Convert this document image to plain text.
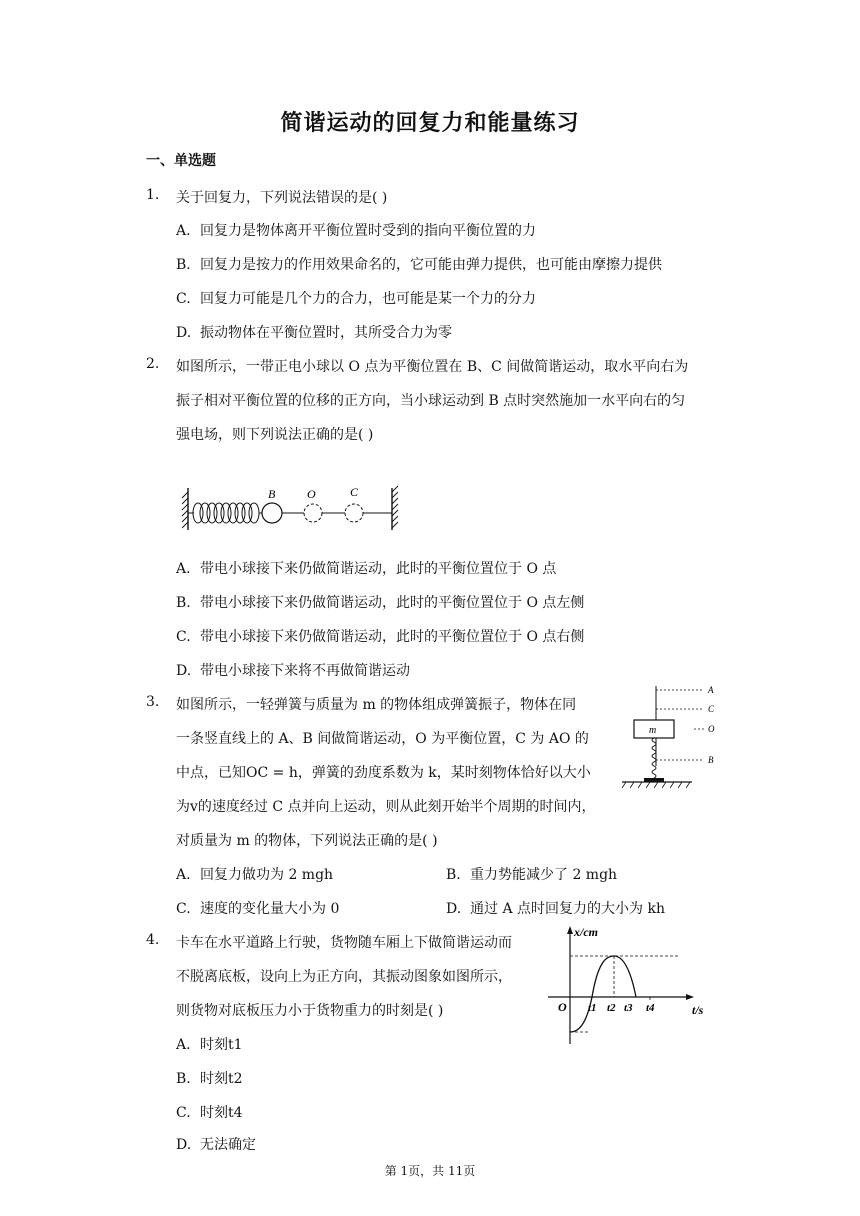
简谐运动的回复力和能量练习
一、单选题
1. 关于回复力，下列说法错误的是( )
A. 回复力是物体离开平衡位置时受到的指向平衡位置的力
B. 回复力是按力的作用效果命名的，它可能由弹力提供，也可能由摩擦力提供
C. 回复力可能是几个力的合力，也可能是某一个力的分力
D. 振动物体在平衡位置时，其所受合力为零
2. 如图所示，一带正电小球以 O 点为平衡位置在 B、C 间做简谐运动，取水平向右为
振子相对平衡位置的位移的正方向，当小球运动到 B 点时突然施加一水平向右的匀
强电场，则下列说法正确的是( )
B	O	C
A. 带电小球接下来仍做简谐运动，此时的平衡位置位于 O 点
B. 带电小球接下来仍做简谐运动，此时的平衡位置位于 O 点左侧
C. 带电小球接下来仍做简谐运动，此时的平衡位置位于 O 点右侧
D. 带电小球接下来将不再做简谐运动
3. 如图所示，一轻弹簧与质量为 m 的物体组成弹簧振子，物体在同
一条竖直线上的 A、B 间做简谐运动，O 为平衡位置，C 为 AO 的
中点，已知OC = h，弹簧的劲度系数为 k，某时刻物体恰好以大小
为v的速度经过 C 点并向上运动，则从此刻开始半个周期的时间内，
对质量为 m 的物体，下列说法正确的是( )
A
C
O
B
m
A. 回复力做功为 2 mgh	B. 重力势能减少了 2 mgh
C. 速度的变化量大小为 0	D. 通过 A 点时回复力的大小为 kh
4. 卡车在水平道路上行驶，货物随车厢上下做简谐运动而
不脱离底板，设向上为正方向，其振动图象如图所示，
则货物对底板压力小于货物重力的时刻是( )
x/cm
t/s
O t1 t2 t3 t4
A. 时刻t1
B. 时刻t2
C. 时刻t4
D. 无法确定
第 1页，共 11页
